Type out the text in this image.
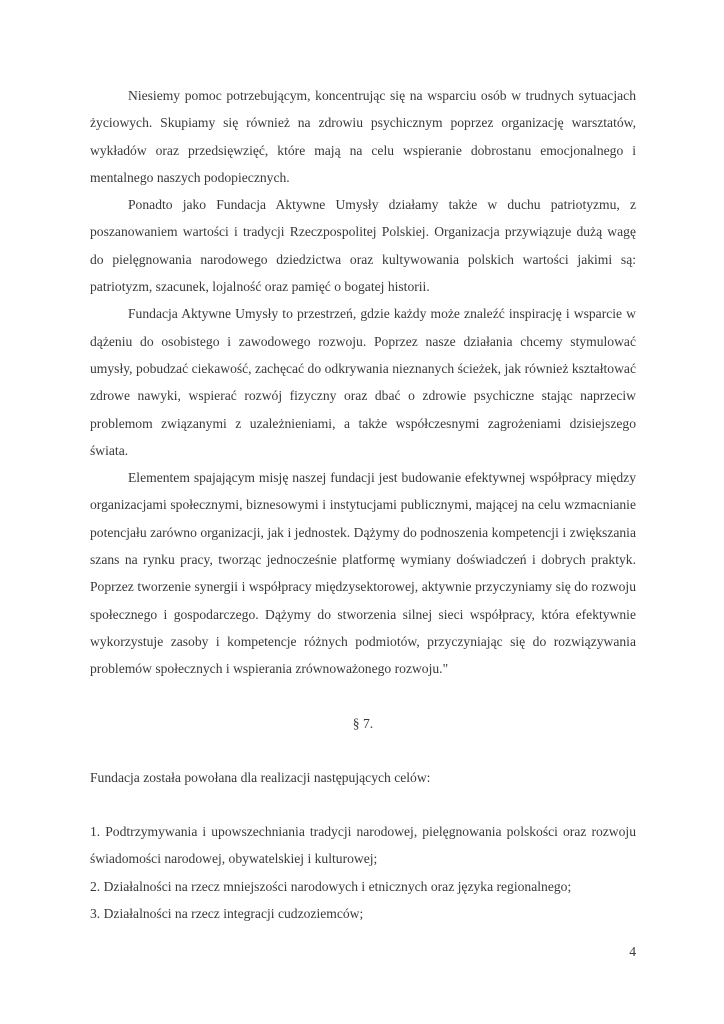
Niesiemy pomoc potrzebującym, koncentrując się na wsparciu osób w trudnych sytuacjach życiowych. Skupiamy się również na zdrowiu psychicznym poprzez organizację warsztatów, wykładów oraz przedsięwzięć, które mają na celu wspieranie dobrostanu emocjonalnego i mentalnego naszych podopiecznych.

Ponadto jako Fundacja Aktywne Umysły działamy także w duchu patriotyzmu, z poszanowaniem wartości i tradycji Rzeczpospolitej Polskiej. Organizacja przywiązuje dużą wagę do pielęgnowania narodowego dziedzictwa oraz kultywowania polskich wartości jakimi są: patriotyzm, szacunek, lojalność oraz pamięć o bogatej historii.

Fundacja Aktywne Umysły to przestrzeń, gdzie każdy może znaleźć inspirację i wsparcie w dążeniu do osobistego i zawodowego rozwoju. Poprzez nasze działania chcemy stymulować umysły, pobudzać ciekawość, zachęcać do odkrywania nieznanych ścieżek, jak również kształtować zdrowe nawyki, wspierać rozwój fizyczny oraz dbać o zdrowie psychiczne stając naprzeciw problemom związanymi z uzależnieniami, a także współczesnymi zagrożeniami dzisiejszego świata.

Elementem spajającym misję naszej fundacji jest budowanie efektywnej współpracy między organizacjami społecznymi, biznesowymi i instytucjami publicznymi, mającej na celu wzmacnianie potencjału zarówno organizacji, jak i jednostek. Dążymy do podnoszenia kompetencji i zwiększania szans na rynku pracy, tworząc jednocześnie platformę wymiany doświadczeń i dobrych praktyk. Poprzez tworzenie synergii i współpracy międzysektorowej, aktywnie przyczyniamy się do rozwoju społecznego i gospodarczego. Dążymy do stworzenia silnej sieci współpracy, która efektywnie wykorzystuje zasoby i kompetencje różnych podmiotów, przyczyniając się do rozwiązywania problemów społecznych i wspierania zrównoważonego rozwoju."

§ 7.

Fundacja została powołana dla realizacji następujących celów:

1. Podtrzymywania i upowszechniania tradycji narodowej, pielęgnowania polskości oraz rozwoju świadomości narodowej, obywatelskiej i kulturowej;

2. Działalności na rzecz mniejszości narodowych i etnicznych oraz języka regionalnego;

3. Działalności na rzecz integracji cudzoziemców;

4
